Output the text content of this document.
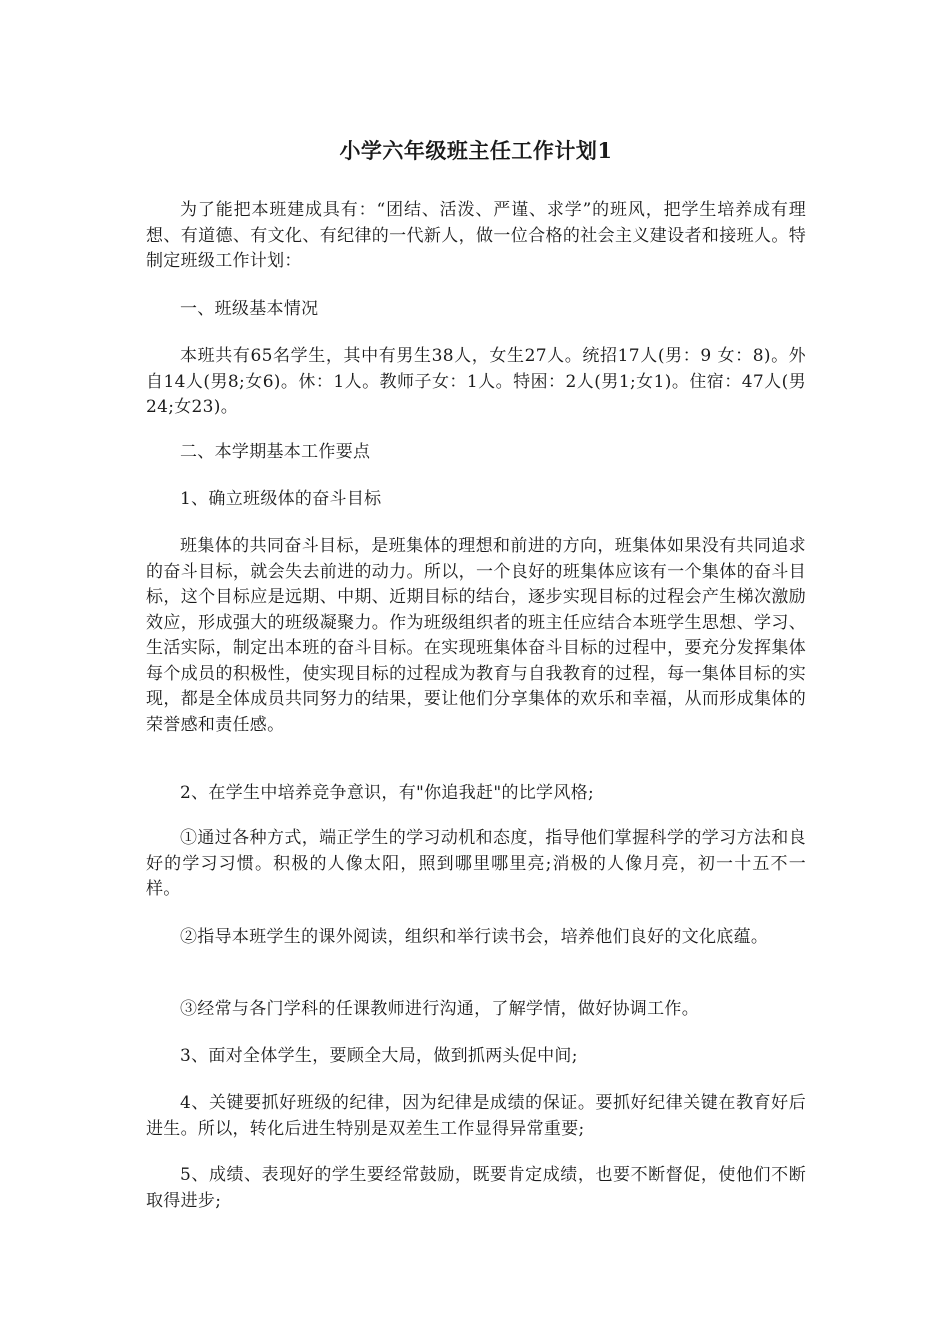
小学六年级班主任工作计划1

为了能把本班建成具有：“团结、活泼、严谨、求学”的班风，把学生培养成有理想、有道德、有文化、有纪律的一代新人，做一位合格的社会主义建设者和接班人。特制定班级工作计划：

一、班级基本情况

本班共有65名学生，其中有男生38人，女生27人。统招17人(男：9 女：8)。外自14人(男8;女6)。休：1人。教师子女：1人。特困：2人(男1;女1)。住宿：47人(男24;女23)。

二、本学期基本工作要点

1、确立班级体的奋斗目标

班集体的共同奋斗目标，是班集体的理想和前进的方向，班集体如果没有共同追求的奋斗目标，就会失去前进的动力。所以，一个良好的班集体应该有一个集体的奋斗目标，这个目标应是远期、中期、近期目标的结台，逐步实现目标的过程会产生梯次激励效应，形成强大的班级凝聚力。作为班级组织者的班主任应结合本班学生思想、学习、生活实际，制定出本班的奋斗目标。在实现班集体奋斗目标的过程中，要充分发挥集体每个成员的积极性，使实现目标的过程成为教育与自我教育的过程，每一集体目标的实现，都是全体成员共同努力的结果，要让他们分享集体的欢乐和幸福，从而形成集体的荣誉感和责任感。

2、在学生中培养竞争意识，有"你追我赶"的比学风格;

①通过各种方式，端正学生的学习动机和态度，指导他们掌握科学的学习方法和良好的学习习惯。积极的人像太阳，照到哪里哪里亮;消极的人像月亮，初一十五不一样。

②指导本班学生的课外阅读，组织和举行读书会，培养他们良好的文化底蕴。

③经常与各门学科的任课教师进行沟通，了解学情，做好协调工作。

3、面对全体学生，要顾全大局，做到抓两头促中间;

4、关键要抓好班级的纪律，因为纪律是成绩的保证。要抓好纪律关键在教育好后进生。所以，转化后进生特别是双差生工作显得异常重要;

5、成绩、表现好的学生要经常鼓励，既要肯定成绩，也要不断督促，使他们不断取得进步;
